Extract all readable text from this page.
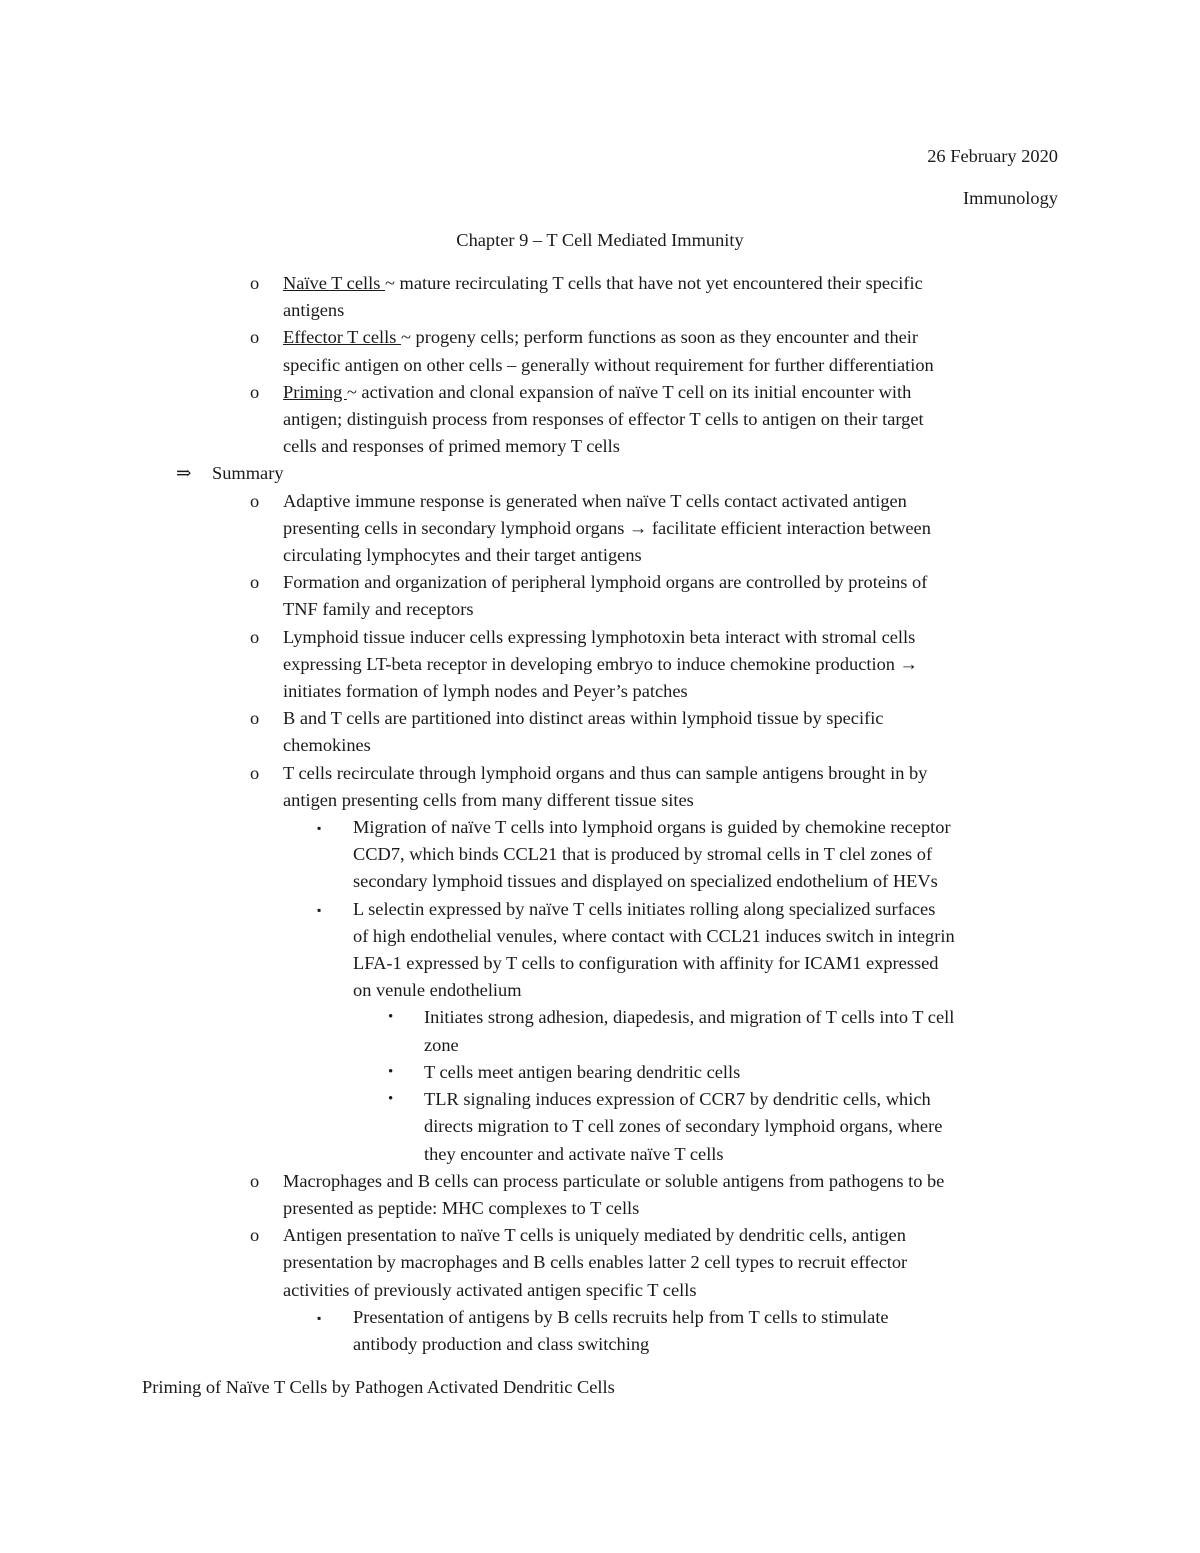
26 February 2020
Immunology
Chapter 9 – T Cell Mediated Immunity
o Naïve T cells ~ mature recirculating T cells that have not yet encountered their specific
antigens
o Effector T cells ~ progeny cells; perform functions as soon as they encounter and their
specific antigen on other cells – generally without requirement for further differentiation
o Priming ~ activation and clonal expansion of naïve T cell on its initial encounter with
antigen; distinguish process from responses of effector T cells to antigen on their target
cells and responses of primed memory T cells
⇒ Summary
o Adaptive immune response is generated when naïve T cells contact activated antigen
presenting cells in secondary lymphoid organs → facilitate efficient interaction between
circulating lymphocytes and their target antigens
o Formation and organization of peripheral lymphoid organs are controlled by proteins of
TNF family and receptors
o Lymphoid tissue inducer cells expressing lymphotoxin beta interact with stromal cells
expressing LT-beta receptor in developing embryo to induce chemokine production →
initiates formation of lymph nodes and Peyer’s patches
o B and T cells are partitioned into distinct areas within lymphoid tissue by specific
chemokines
o T cells recirculate through lymphoid organs and thus can sample antigens brought in by
antigen presenting cells from many different tissue sites
▪ Migration of naïve T cells into lymphoid organs is guided by chemokine receptor
CCD7, which binds CCL21 that is produced by stromal cells in T clel zones of
secondary lymphoid tissues and displayed on specialized endothelium of HEVs
▪ L selectin expressed by naïve T cells initiates rolling along specialized surfaces
of high endothelial venules, where contact with CCL21 induces switch in integrin
LFA-1 expressed by T cells to configuration with affinity for ICAM1 expressed
on venule endothelium
• Initiates strong adhesion, diapedesis, and migration of T cells into T cell
zone
• T cells meet antigen bearing dendritic cells
• TLR signaling induces expression of CCR7 by dendritic cells, which
directs migration to T cell zones of secondary lymphoid organs, where
they encounter and activate naïve T cells
o Macrophages and B cells can process particulate or soluble antigens from pathogens to be
presented as peptide: MHC complexes to T cells
o Antigen presentation to naïve T cells is uniquely mediated by dendritic cells, antigen
presentation by macrophages and B cells enables latter 2 cell types to recruit effector
activities of previously activated antigen specific T cells
▪ Presentation of antigens by B cells recruits help from T cells to stimulate
antibody production and class switching
Priming of Naïve T Cells by Pathogen Activated Dendritic Cells
